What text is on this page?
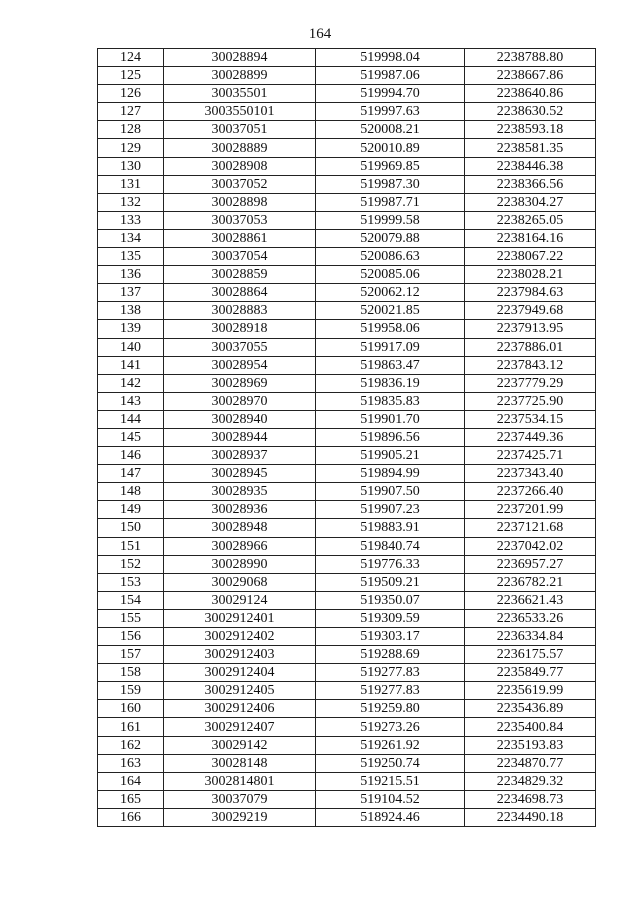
164
124	30028894	519998.04	2238788.80
125	30028899	519987.06	2238667.86
126	30035501	519994.70	2238640.86
127	3003550101	519997.63	2238630.52
128	30037051	520008.21	2238593.18
129	30028889	520010.89	2238581.35
130	30028908	519969.85	2238446.38
131	30037052	519987.30	2238366.56
132	30028898	519987.71	2238304.27
133	30037053	519999.58	2238265.05
134	30028861	520079.88	2238164.16
135	30037054	520086.63	2238067.22
136	30028859	520085.06	2238028.21
137	30028864	520062.12	2237984.63
138	30028883	520021.85	2237949.68
139	30028918	519958.06	2237913.95
140	30037055	519917.09	2237886.01
141	30028954	519863.47	2237843.12
142	30028969	519836.19	2237779.29
143	30028970	519835.83	2237725.90
144	30028940	519901.70	2237534.15
145	30028944	519896.56	2237449.36
146	30028937	519905.21	2237425.71
147	30028945	519894.99	2237343.40
148	30028935	519907.50	2237266.40
149	30028936	519907.23	2237201.99
150	30028948	519883.91	2237121.68
151	30028966	519840.74	2237042.02
152	30028990	519776.33	2236957.27
153	30029068	519509.21	2236782.21
154	30029124	519350.07	2236621.43
155	3002912401	519309.59	2236533.26
156	3002912402	519303.17	2236334.84
157	3002912403	519288.69	2236175.57
158	3002912404	519277.83	2235849.77
159	3002912405	519277.83	2235619.99
160	3002912406	519259.80	2235436.89
161	3002912407	519273.26	2235400.84
162	30029142	519261.92	2235193.83
163	30028148	519250.74	2234870.77
164	3002814801	519215.51	2234829.32
165	30037079	519104.52	2234698.73
166	30029219	518924.46	2234490.18
